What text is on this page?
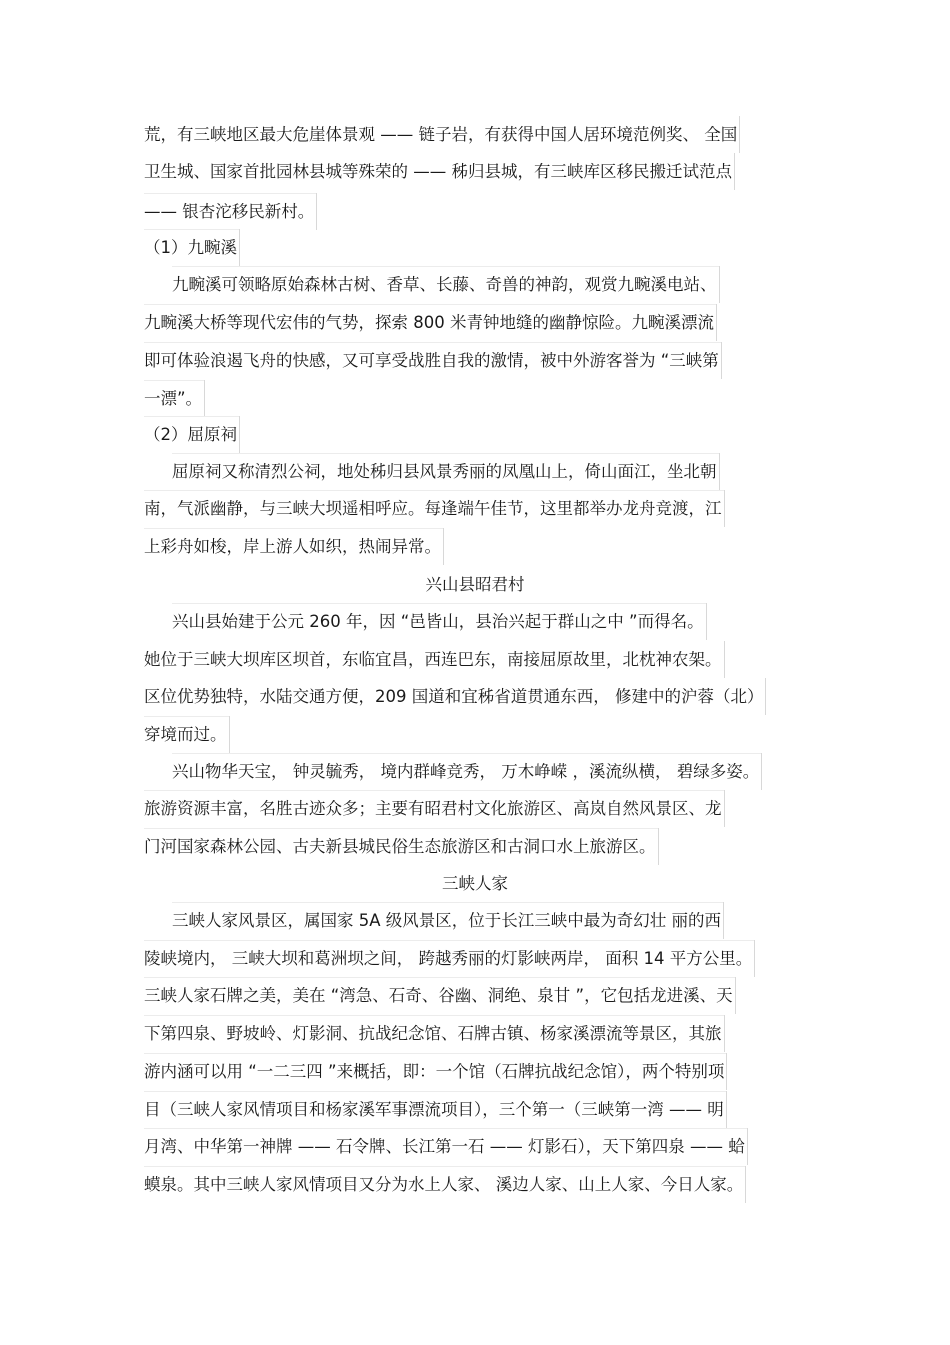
荒，有三峡地区最大危崖体景观 —— 链子岩，有获得中国人居环境范例奖、 全国
卫生城、国家首批园林县城等殊荣的 —— 秭归县城，有三峡库区移民搬迁试范点
—— 银杏沱移民新村。
（1）九畹溪
九畹溪可领略原始森林古树、香草、长藤、奇兽的神韵，观赏九畹溪电站、
九畹溪大桥等现代宏伟的气势，探索 800 米青钟地缝的幽静惊险。九畹溪漂流
即可体验浪遏飞舟的快感，又可享受战胜自我的激情，被中外游客誉为 “三峡第
一漂”。
（2）屈原祠
屈原祠又称清烈公祠，地处秭归县风景秀丽的凤凰山上，倚山面江，坐北朝
南，气派幽静，与三峡大坝遥相呼应。每逢端午佳节，这里都举办龙舟竞渡，江
上彩舟如梭，岸上游人如织，热闹异常。
兴山县昭君村
兴山县始建于公元 260 年，因 “邑皆山，县治兴起于群山之中 ”而得名。
她位于三峡大坝库区坝首，东临宜昌，西连巴东，南接屈原故里，北枕神农架。
区位优势独特，水陆交通方便，209 国道和宜秭省道贯通东西， 修建中的沪蓉（北）
穿境而过。
兴山物华天宝， 钟灵毓秀， 境内群峰竞秀， 万木峥嵘 ，溪流纵横， 碧绿多姿。
旅游资源丰富，名胜古迹众多；主要有昭君村文化旅游区、高岚自然风景区、龙
门河国家森林公园、古夫新县城民俗生态旅游区和古洞口水上旅游区。
三峡人家
三峡人家风景区，属国家 5A 级风景区，位于长江三峡中最为奇幻壮 丽的西
陵峡境内， 三峡大坝和葛洲坝之间， 跨越秀丽的灯影峡两岸， 面积 14 平方公里。
三峡人家石牌之美，美在 “湾急、石奇、谷幽、洞绝、泉甘 ”，它包括龙进溪、天
下第四泉、野坡岭、灯影洞、抗战纪念馆、石牌古镇、杨家溪漂流等景区，其旅
游内涵可以用 “一二三四 ”来概括，即：一个馆（石牌抗战纪念馆），两个特别项
目（三峡人家风情项目和杨家溪军事漂流项目），三个第一（三峡第一湾 —— 明
月湾、中华第一神牌 —— 石令牌、长江第一石 —— 灯影石），天下第四泉 —— 蛤
蟆泉。其中三峡人家风情项目又分为水上人家、 溪边人家、山上人家、今日人家。
